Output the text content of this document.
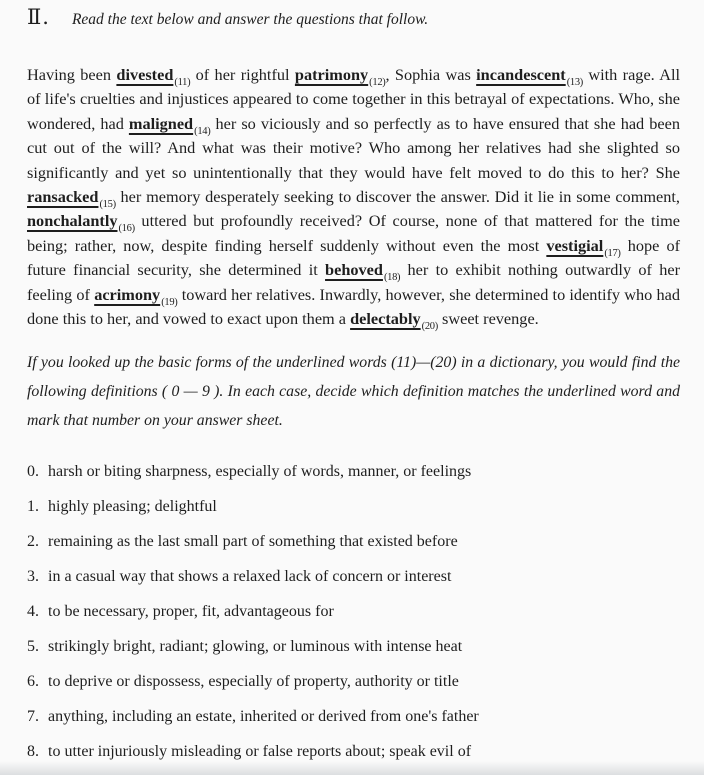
Ⅱ. Read the text below and answer the questions that follow.

Having been divested$_{(11)}$ of her rightful patrimony$_{(12)}$, Sophia was incandescent$_{(13)}$ with rage. All of life's cruelties and injustices appeared to come together in this betrayal of expectations. Who, she wondered, had maligned$_{(14)}$ her so viciously and so perfectly as to have ensured that she had been cut out of the will? And what was their motive? Who among her relatives had she slighted so significantly and yet so unintentionally that they would have felt moved to do this to her? She ransacked$_{(15)}$ her memory desperately seeking to discover the answer. Did it lie in some comment, nonchalantly$_{(16)}$ uttered but profoundly received? Of course, none of that mattered for the time being; rather, now, despite finding herself suddenly without even the most vestigial$_{(17)}$ hope of future financial security, she determined it behoved$_{(18)}$ her to exhibit nothing outwardly of her feeling of acrimony$_{(19)}$ toward her relatives. Inwardly, however, she determined to identify who had done this to her, and vowed to exact upon them a delectably$_{(20)}$ sweet revenge.

If you looked up the basic forms of the underlined words (11)—(20) in a dictionary, you would find the following definitions ( 0 — 9 ). In each case, decide which definition matches the underlined word and mark that number on your answer sheet.

0. harsh or biting sharpness, especially of words, manner, or feelings
1. highly pleasing; delightful
2. remaining as the last small part of something that existed before
3. in a casual way that shows a relaxed lack of concern or interest
4. to be necessary, proper, fit, advantageous for
5. strikingly bright, radiant; glowing, or luminous with intense heat
6. to deprive or dispossess, especially of property, authority or title
7. anything, including an estate, inherited or derived from one's father
8. to utter injuriously misleading or false reports about; speak evil of
